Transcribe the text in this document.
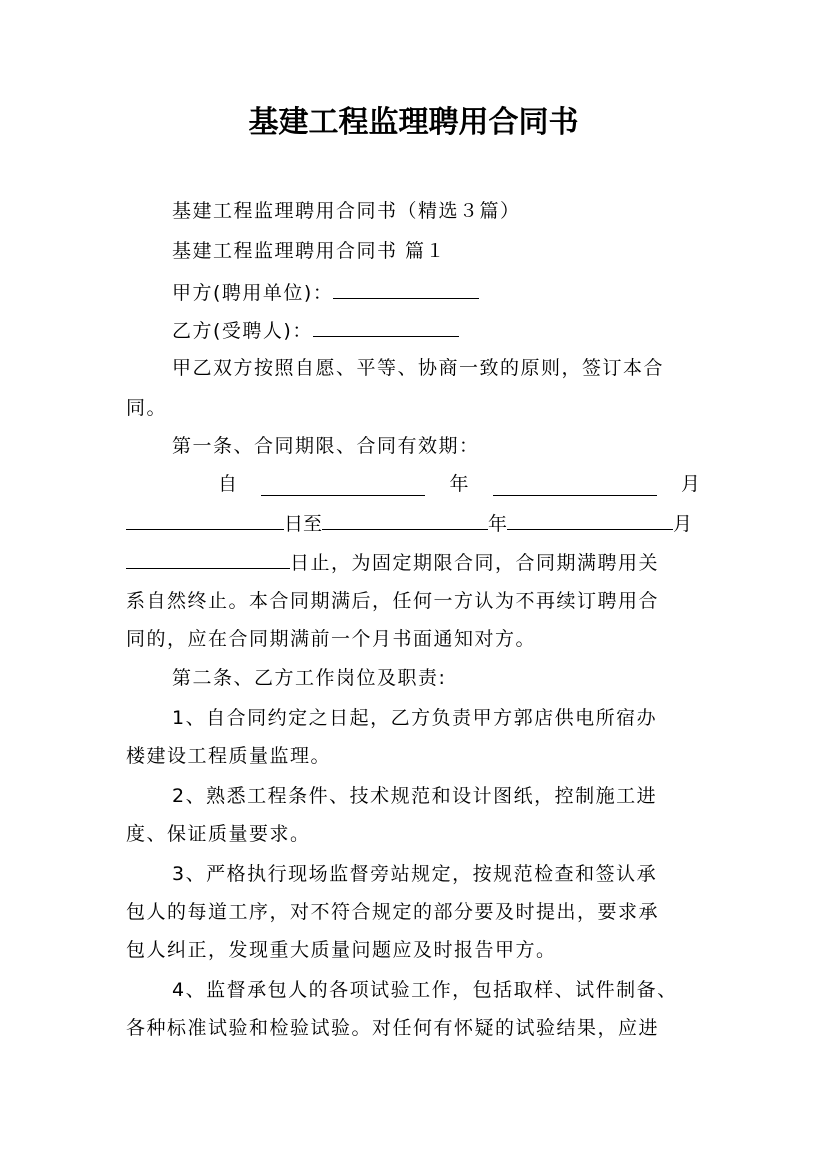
基建工程监理聘用合同书
基建工程监理聘用合同书（精选３篇）
基建工程监理聘用合同书 篇１
甲方(聘用单位)：
乙方(受聘人)：
甲乙双方按照自愿、平等、协商一致的原则，签订本合
同。
第一条、合同期限、合同有效期：
自	年	月
日至	年	月
日止，为固定期限合同，合同期满聘用关
系自然终止。本合同期满后，任何一方认为不再续订聘用合
同的，应在合同期满前一个月书面通知对方。
第二条、乙方工作岗位及职责:
1、自合同约定之日起，乙方负责甲方郭店供电所宿办
楼建设工程质量监理。
2、熟悉工程条件、技术规范和设计图纸，控制施工进
度、保证质量要求。
3、严格执行现场监督旁站规定，按规范检查和签认承
包人的每道工序，对不符合规定的部分要及时提出，要求承
包人纠正，发现重大质量问题应及时报告甲方。
4、监督承包人的各项试验工作，包括取样、试件制备、
各种标准试验和检验试验。对任何有怀疑的试验结果，应进
